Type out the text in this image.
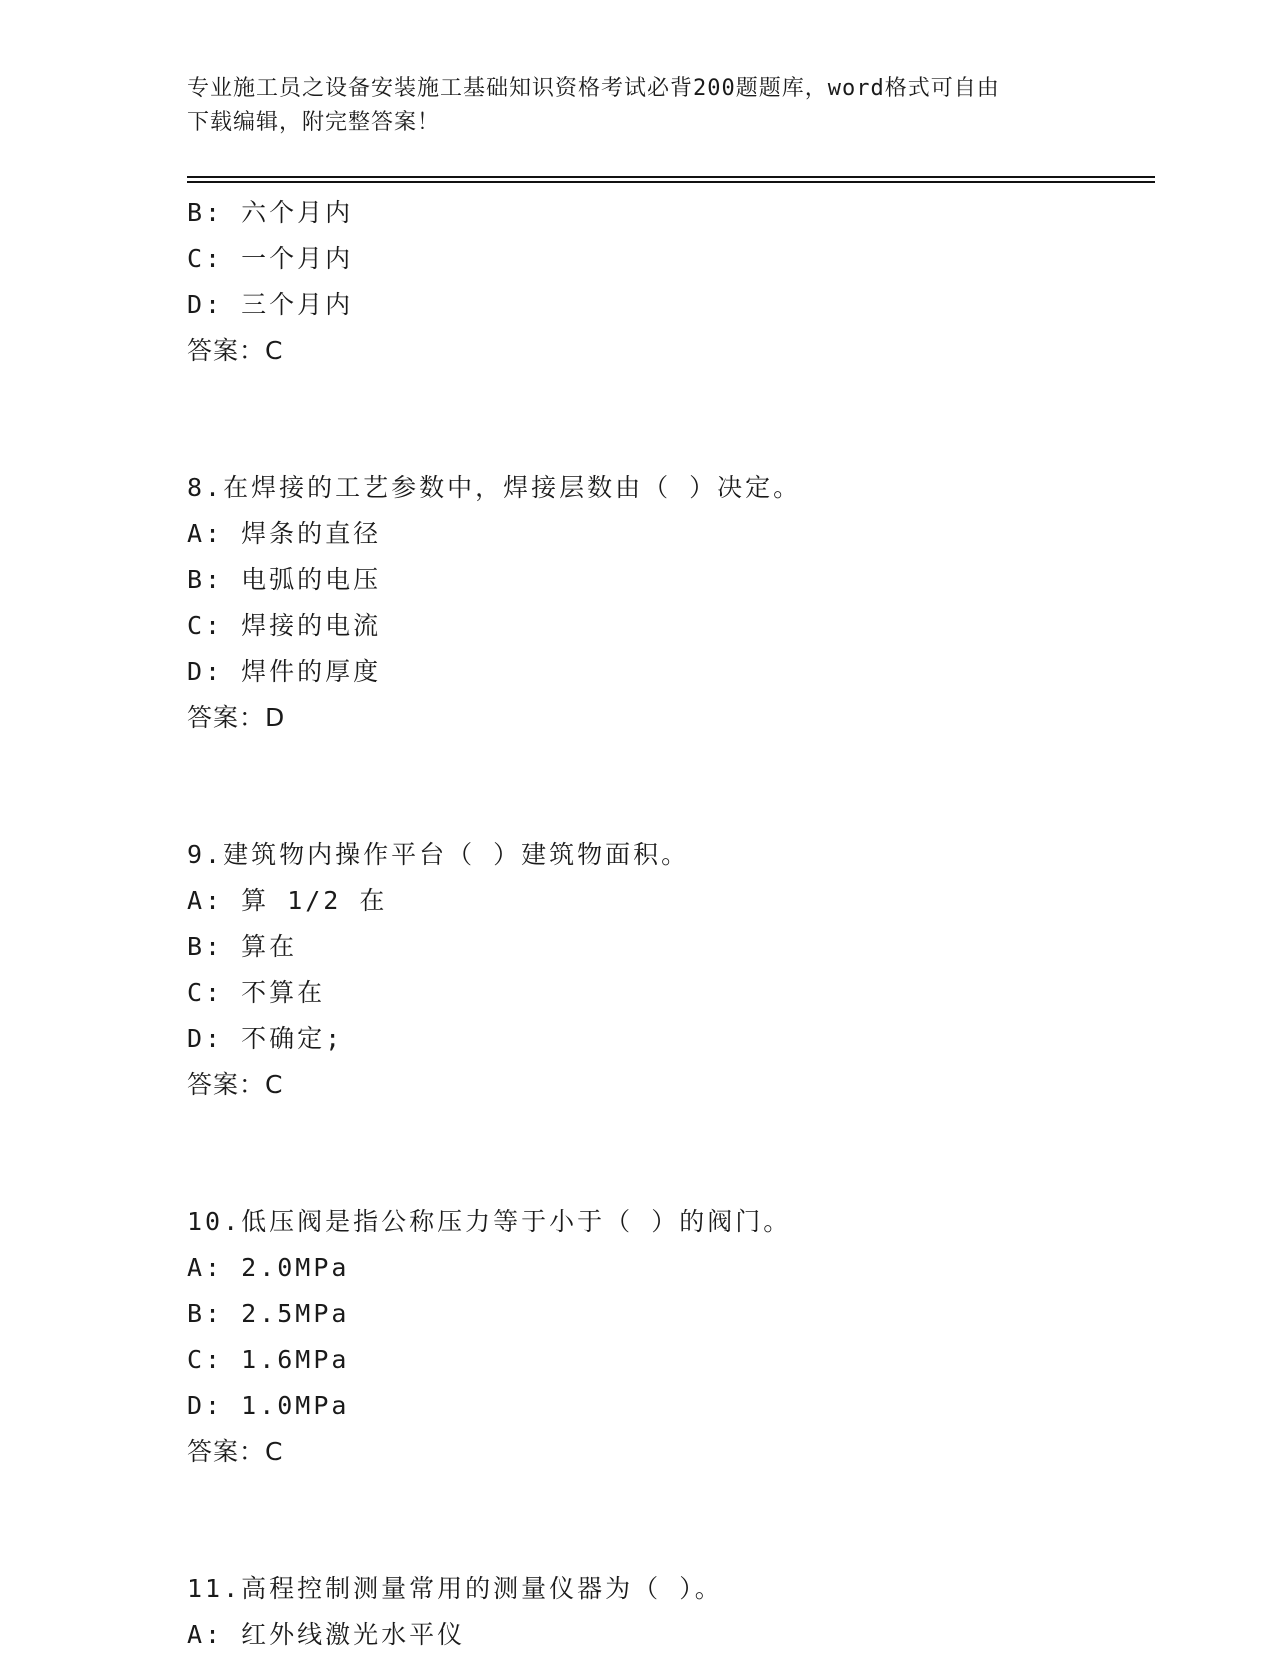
专业施工员之设备安装施工基础知识资格考试必背200题题库，word格式可自由
下载编辑，附完整答案！
B: 六个月内
C: 一个月内
D: 三个月内
答案：C
8.在焊接的工艺参数中，焊接层数由（ ）决定。
A: 焊条的直径
B: 电弧的电压
C: 焊接的电流
D: 焊件的厚度
答案：D
9.建筑物内操作平台（ ）建筑物面积。
A: 算 1/2 在
B: 算在
C: 不算在
D: 不确定;
答案：C
10.低压阀是指公称压力等于小于（ ）的阀门。
A: 2.0MPa
B: 2.5MPa
C: 1.6MPa
D: 1.0MPa
答案：C
11.高程控制测量常用的测量仪器为（ ）。
A: 红外线激光水平仪
